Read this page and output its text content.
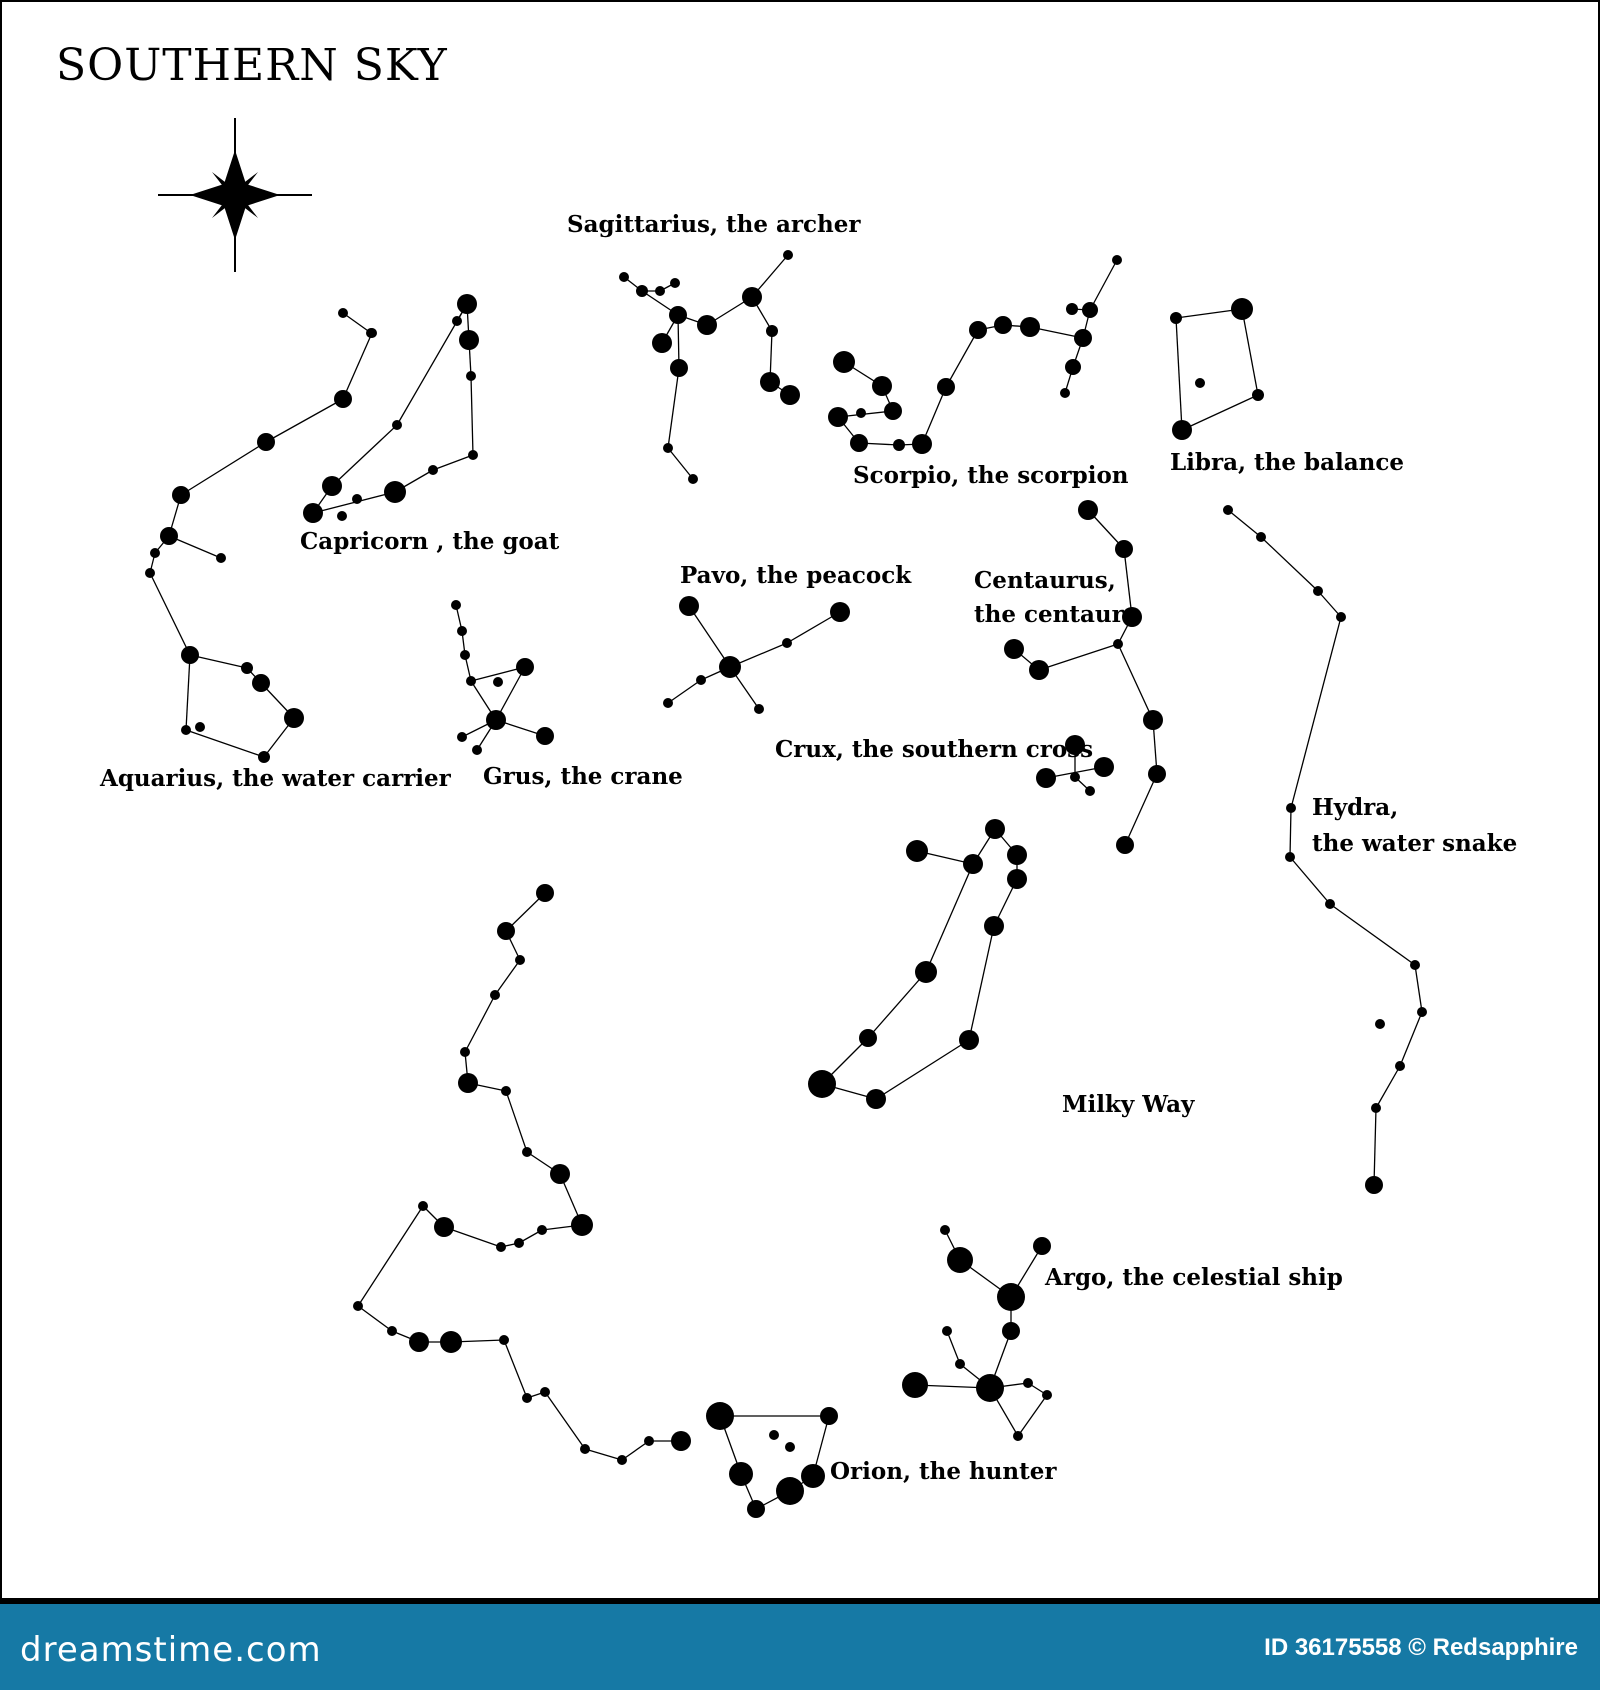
SOUTHERN SKY
Sagittarius, the archer
Scorpio, the scorpion Libra, the balance
Capricorn , the goat
Pavo, the peacock	Centaurus,
the centaur
Aquarius, the water carrier Grus, the crane
Crux, the southern cross
Hydra,
the water snake
Milky Way
Argo, the celestial ship
Orion, the hunter
dreamstime.com	ID 36175558 © Redsapphire
